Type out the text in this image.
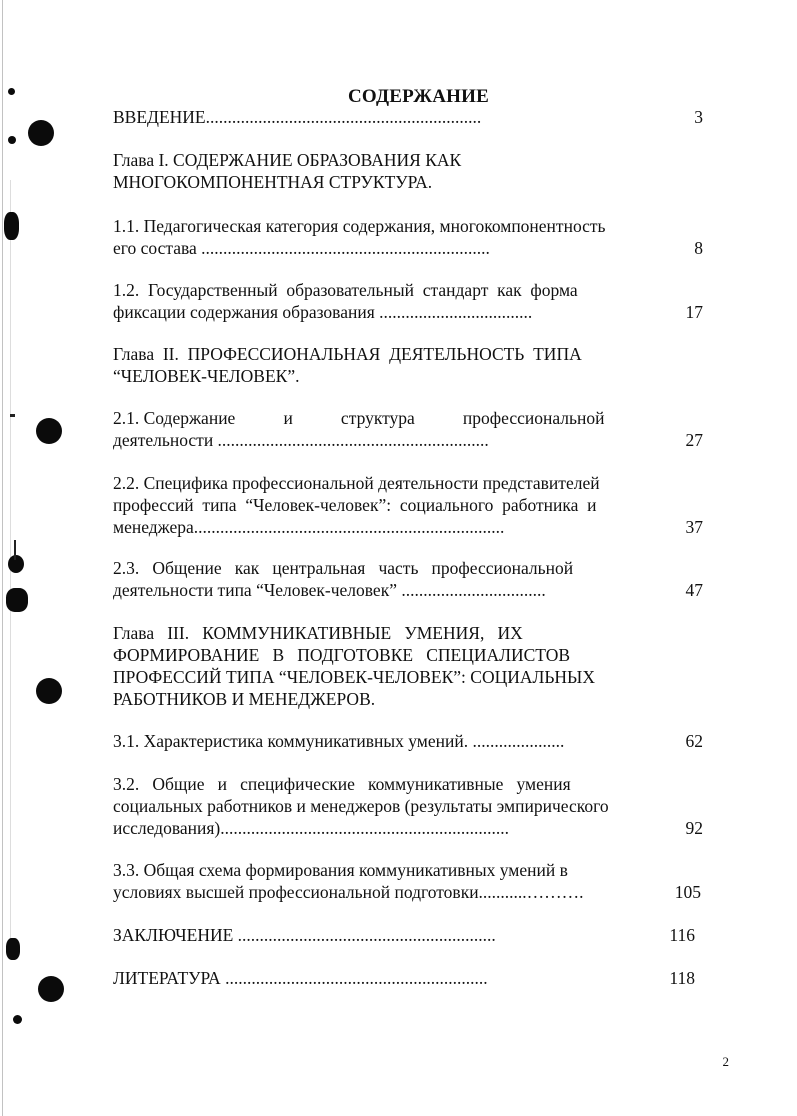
СОДЕРЖАНИЕ
ВВЕДЕНИЕ...............................................................	3
Глава I. СОДЕРЖАНИЕ ОБРАЗОВАНИЯ КАК
МНОГОКОМПОНЕНТНАЯ СТРУКТУРА.
1.1. Педагогическая категория содержания, многокомпонентность
его состава ..................................................................	8
1.2.  Государственный  образовательный  стандарт  как  форма
фиксации содержания образования ...................................	17
Глава  II.  ПРОФЕССИОНАЛЬНАЯ  ДЕЯТЕЛЬНОСТЬ  ТИПА
“ЧЕЛОВЕК-ЧЕЛОВЕК”.
2.1. Содержание           и           структура           профессиональной
деятельности ..............................................................	27
2.2. Специфика профессиональной деятельности представителей
профессий  типа  “Человек-человек”:  социального  работника  и
менеджера.......................................................................	37
2.3.   Общение   как   центральная   часть   профессиональной
деятельности типа “Человек-человек” .................................	47
Глава   III.   КОММУНИКАТИВНЫЕ   УМЕНИЯ,   ИХ
ФОРМИРОВАНИЕ   В   ПОДГОТОВКЕ   СПЕЦИАЛИСТОВ
ПРОФЕССИЙ ТИПА “ЧЕЛОВЕК-ЧЕЛОВЕК”: СОЦИАЛЬНЫХ
РАБОТНИКОВ И МЕНЕДЖЕРОВ.
3.1. Характеристика коммуникативных умений. .....................	62
3.2.   Общие   и   специфические   коммуникативные   умения
социальных работников и менеджеров (результаты эмпирического
исследования)..................................................................	92
3.3. Общая схема формирования коммуникативных умений в
условиях высшей профессиональной подготовки...........……….	105
ЗАКЛЮЧЕНИЕ ...........................................................	116
ЛИТЕРАТУРА ............................................................	118
2
